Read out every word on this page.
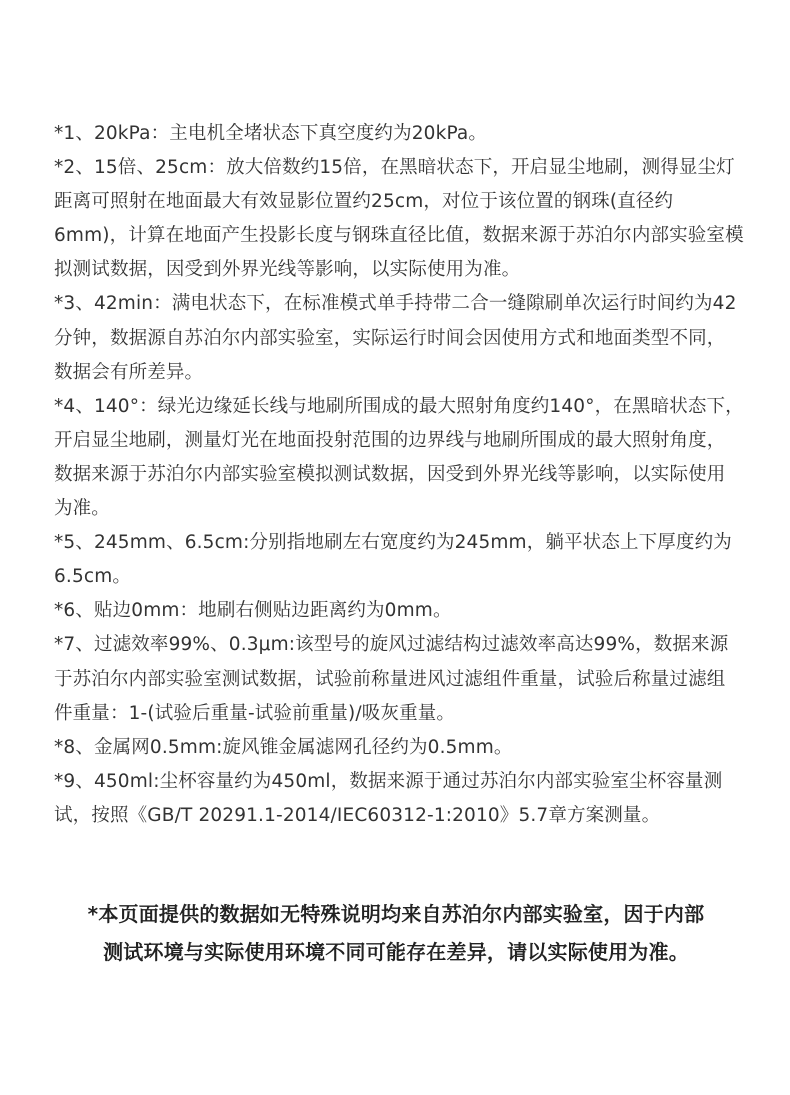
*1、20kPa：主电机全堵状态下真空度约为20kPa。

*2、15倍、25cm：放大倍数约15倍，在黑暗状态下，开启显尘地刷，测得显尘灯距离可照射在地面最大有效显影位置约25cm，对位于该位置的钢珠(直径约6mm)，计算在地面产生投影长度与钢珠直径比值，数据来源于苏泊尔内部实验室模拟测试数据，因受到外界光线等影响，以实际使用为准。

*3、42min：满电状态下，在标准模式单手持带二合一缝隙刷单次运行时间约为42分钟，数据源自苏泊尔内部实验室，实际运行时间会因使用方式和地面类型不同，数据会有所差异。

*4、140°：绿光边缘延长线与地刷所围成的最大照射角度约140°，在黑暗状态下，开启显尘地刷，测量灯光在地面投射范围的边界线与地刷所围成的最大照射角度，数据来源于苏泊尔内部实验室模拟测试数据，因受到外界光线等影响，以实际使用为准。

*5、245mm、6.5cm:分别指地刷左右宽度约为245mm，躺平状态上下厚度约为6.5cm。

*6、贴边0mm：地刷右侧贴边距离约为0mm。

*7、过滤效率99%、0.3μm:该型号的旋风过滤结构过滤效率高达99%，数据来源于苏泊尔内部实验室测试数据，试验前称量进风过滤组件重量，试验后称量过滤组件重量：1-(试验后重量-试验前重量)/吸灰重量。

*8、金属网0.5mm:旋风锥金属滤网孔径约为0.5mm。

*9、450ml:尘杯容量约为450ml，数据来源于通过苏泊尔内部实验室尘杯容量测试，按照《GB/T 20291.1-2014/IEC60312-1:2010》5.7章方案测量。

*本页面提供的数据如无特殊说明均来自苏泊尔内部实验室，因于内部

测试环境与实际使用环境不同可能存在差异，请以实际使用为准。
